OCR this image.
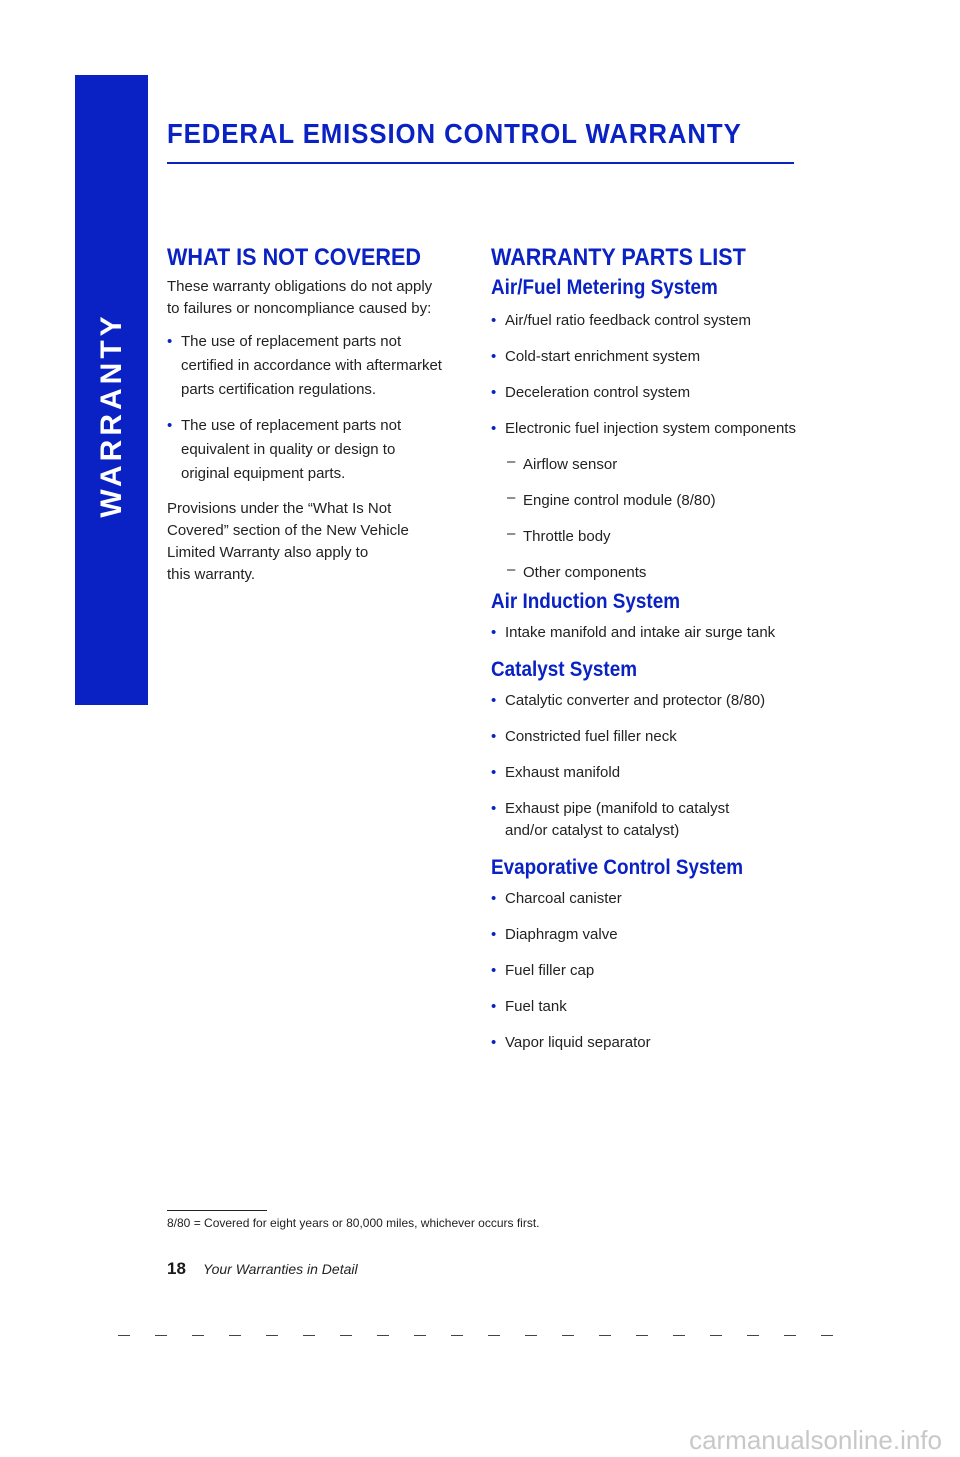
WARRANTY
FEDERAL EMISSION CONTROL WARRANTY
WHAT IS NOT COVERED

These warranty obligations do not apply
to failures or noncompliance caused by:

• The use of replacement parts not
certified in accordance with aftermarket
parts certification regulations.
• The use of replacement parts not
equivalent in quality or design to
original equipment parts.

Provisions under the “What Is Not
Covered” section of the New Vehicle
Limited Warranty also apply to
this warranty.

WARRANTY PARTS LIST
Air/Fuel Metering System
• Air/fuel ratio feedback control system
• Cold-start enrichment system
• Deceleration control system
• Electronic fuel injection system components
– Airflow sensor
– Engine control module (8/80)
– Throttle body
– Other components
Air Induction System
• Intake manifold and intake air surge tank
Catalyst System
• Catalytic converter and protector (8/80)
• Constricted fuel filler neck
• Exhaust manifold
• Exhaust pipe (manifold to catalyst
and/or catalyst to catalyst)
Evaporative Control System
• Charcoal canister
• Diaphragm valve
• Fuel filler cap
• Fuel tank
• Vapor liquid separator
8/80 = Covered for eight years or 80,000 miles, whichever occurs first.
18 Your Warranties in Detail
carmanualsonline.info
